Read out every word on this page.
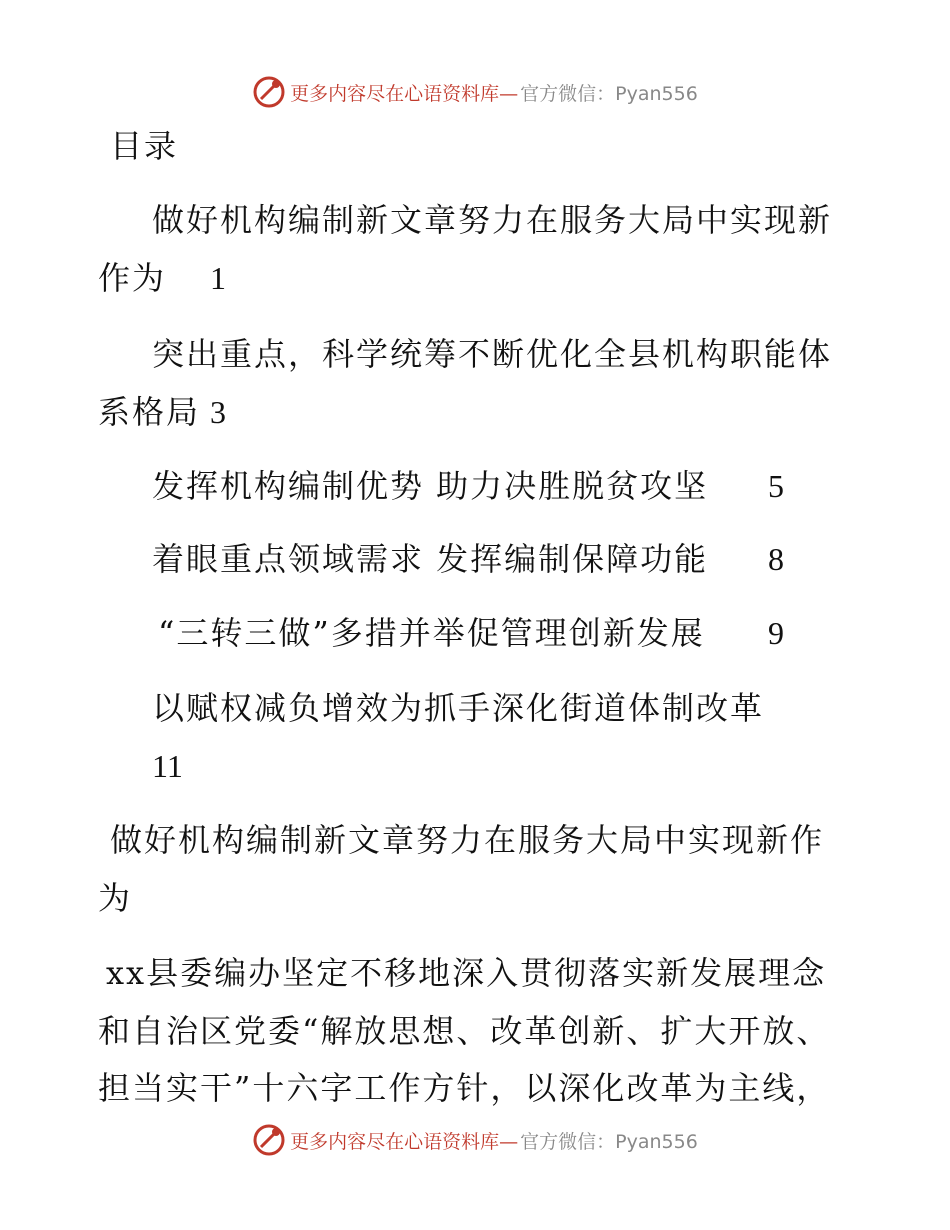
更多内容尽在心语资料库— 官方微信：Pyan556
目录
做好机构编制新文章努力在服务大局中实现新
作为 1
突出重点，科学统筹不断优化全县机构职能体
系格局 3
发挥机构编制优势 助力决胜脱贫攻坚 5
着眼重点领域需求 发挥编制保障功能 8
“三转三做”多措并举促管理创新发展 9
以赋权减负增效为抓手深化街道体制改革
11
做好机构编制新文章努力在服务大局中实现新作
为
xx县委编办坚定不移地深入贯彻落实新发展理念
和自治区党委“解放思想、改革创新、扩大开放、
担当实干”十六字工作方针，以深化改革为主线，
更多内容尽在心语资料库— 官方微信：Pyan556
